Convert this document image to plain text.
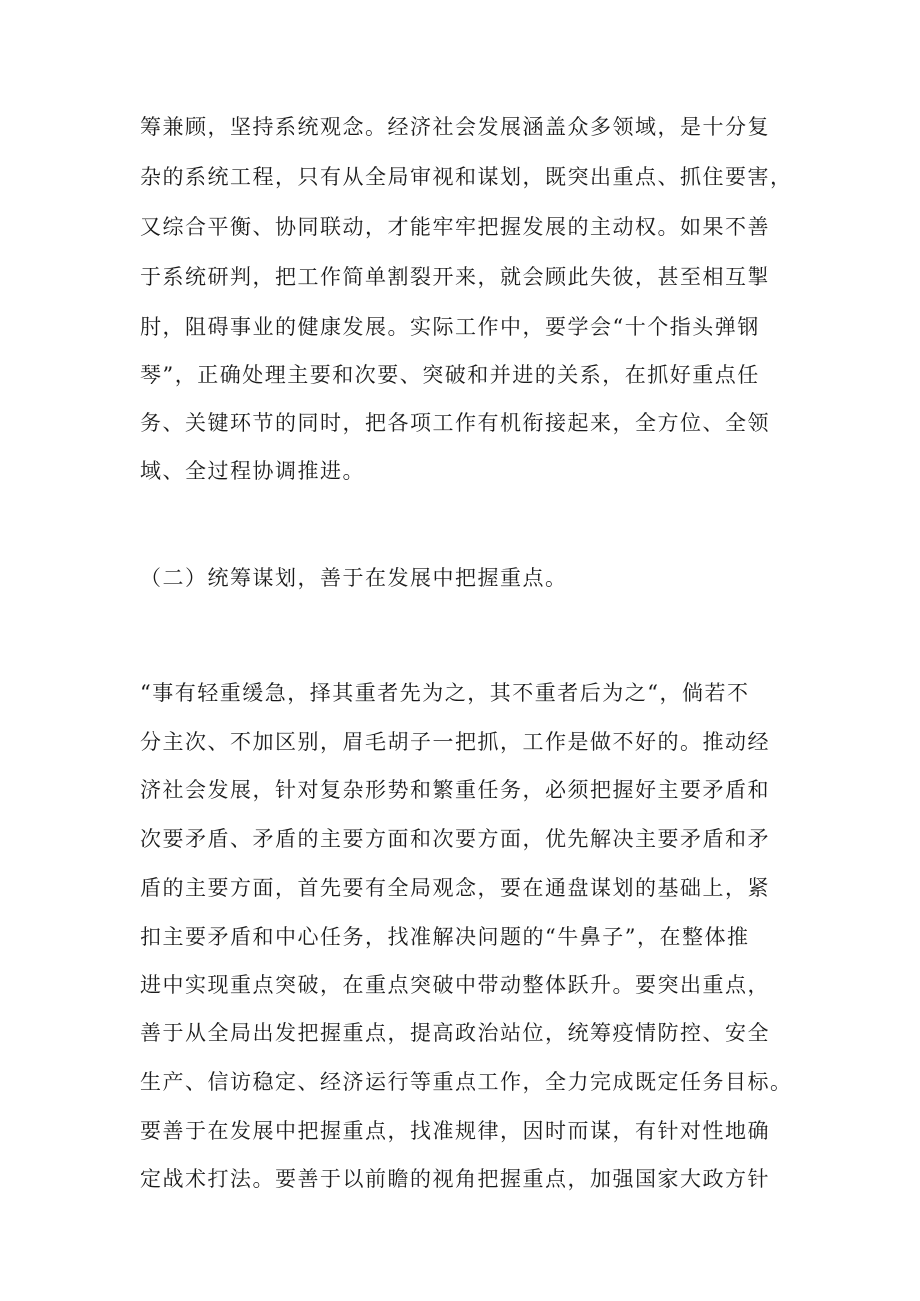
筹兼顾，坚持系统观念。经济社会发展涵盖众多领域，是十分复
杂的系统工程，只有从全局审视和谋划，既突出重点、抓住要害，
又综合平衡、协同联动，才能牢牢把握发展的主动权。如果不善
于系统研判，把工作简单割裂开来，就会顾此失彼，甚至相互掣
肘，阻碍事业的健康发展。实际工作中，要学会“十个指头弹钢
琴”，正确处理主要和次要、突破和并进的关系，在抓好重点任
务、关键环节的同时，把各项工作有机衔接起来，全方位、全领
域、全过程协调推进。
（二）统筹谋划，善于在发展中把握重点。
“事有轻重缓急，择其重者先为之，其不重者后为之“，倘若不
分主次、不加区别，眉毛胡子一把抓，工作是做不好的。推动经
济社会发展，针对复杂形势和繁重任务，必须把握好主要矛盾和
次要矛盾、矛盾的主要方面和次要方面，优先解决主要矛盾和矛
盾的主要方面，首先要有全局观念，要在通盘谋划的基础上，紧
扣主要矛盾和中心任务，找准解决问题的“牛鼻子”，在整体推
进中实现重点突破，在重点突破中带动整体跃升。要突出重点，
善于从全局出发把握重点，提高政治站位，统筹疫情防控、安全
生产、信访稳定、经济运行等重点工作，全力完成既定任务目标。
要善于在发展中把握重点，找准规律，因时而谋，有针对性地确
定战术打法。要善于以前瞻的视角把握重点，加强国家大政方针
